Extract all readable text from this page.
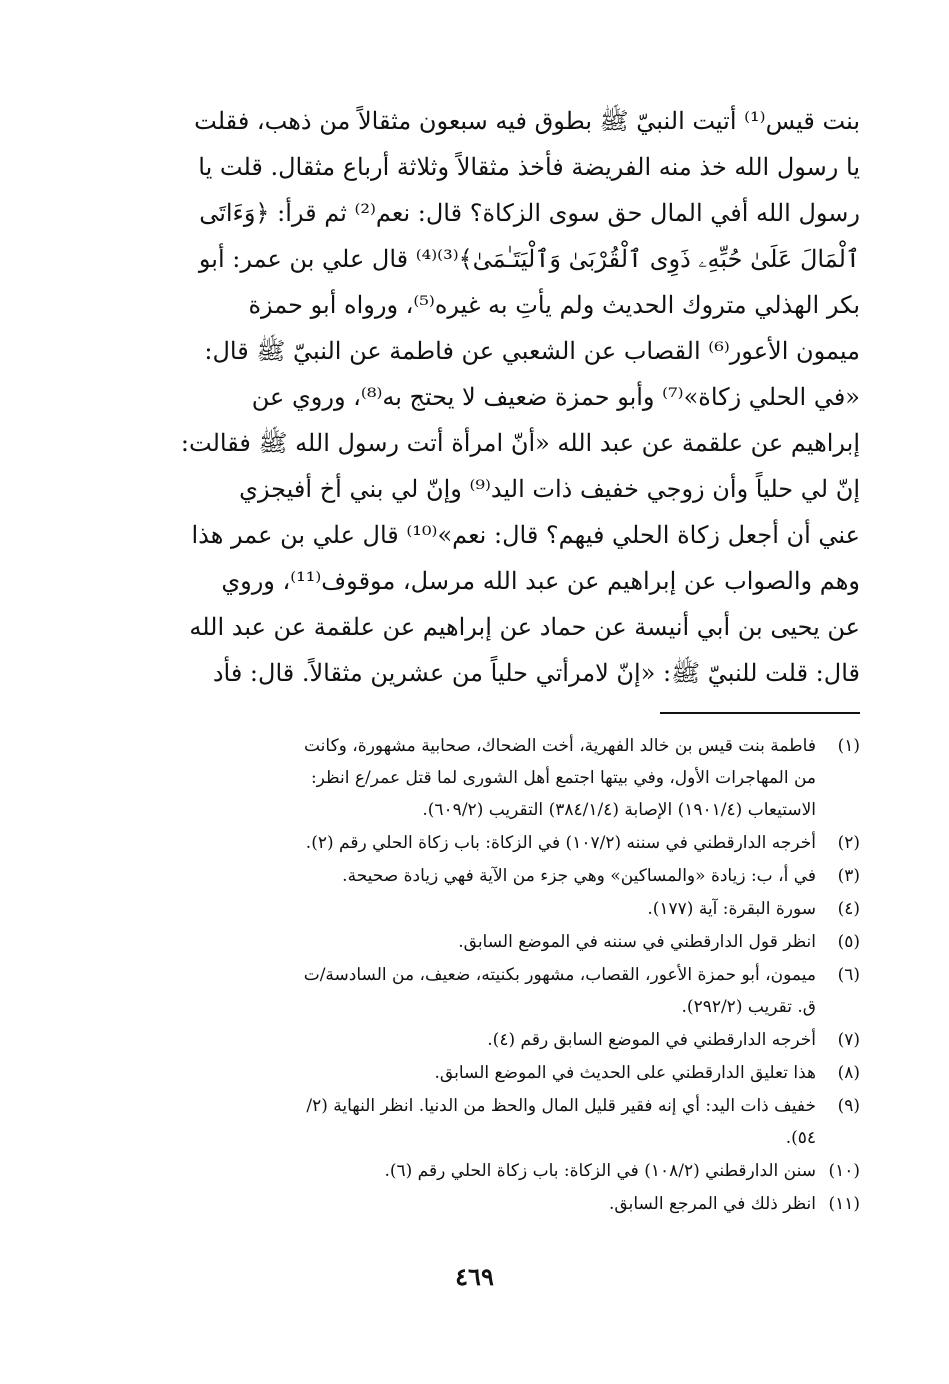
بنت قيس⁽¹⁾ أتيت النبيّ ﷺ بطوق فيه سبعون مثقالاً من ذهب، فقلت
يا رسول الله خذ منه الفريضة فأخذ مثقالاً وثلاثة أرباع مثقال. قلت يا
رسول الله أفي المال حق سوى الزكاة؟ قال: نعم⁽²⁾ ثم قرأ: ﴿وَءَاتَى
ٱلْمَالَ عَلَىٰ حُبِّهِۦ ذَوِى ٱلْقُرْبَىٰ وَٱلْيَتَـٰمَىٰ﴾⁽³⁾⁽⁴⁾ قال علي بن عمر: أبو
بكر الهذلي متروك الحديث ولم يأتِ به غيره⁽⁵⁾، ورواه أبو حمزة
ميمون الأعور⁽⁶⁾ القصاب عن الشعبي عن فاطمة عن النبيّ ﷺ قال:
«في الحلي زكاة»⁽⁷⁾ وأبو حمزة ضعيف لا يحتج به⁽⁸⁾، وروي عن
إبراهيم عن علقمة عن عبد الله «أنّ امرأة أتت رسول الله ﷺ فقالت:
إنّ لي حلياً وأن زوجي خفيف ذات اليد⁽⁹⁾ وإنّ لي بني أخ أفيجزي
عني أن أجعل زكاة الحلي فيهم؟ قال: نعم»⁽¹⁰⁾ قال علي بن عمر هذا
وهم والصواب عن إبراهيم عن عبد الله مرسل، موقوف⁽¹¹⁾، وروي
عن يحيى بن أبي أنيسة عن حماد عن إبراهيم عن علقمة عن عبد الله
قال: قلت للنبيّ ﷺ: «إنّ لامرأتي حلياً من عشرين مثقالاً. قال: فأد
(١)
فاطمة بنت قيس بن خالد الفهرية، أخت الضحاك، صحابية مشهورة، وكانت
من المهاجرات الأول، وفي بيتها اجتمع أهل الشورى لما قتل عمر/ع انظر:
الاستيعاب (١٩٠١/٤) الإصابة (٣٨٤/١/٤) التقريب (٦٠٩/٢).
(٢)
أخرجه الدارقطني في سننه (١٠٧/٢) في الزكاة: باب زكاة الحلي رقم (٢).
(٣)
في أ، ب: زيادة «والمساكين» وهي جزء من الآية فهي زيادة صحيحة.
(٤)
سورة البقرة: آية (١٧٧).
(٥)
انظر قول الدارقطني في سننه في الموضع السابق.
(٦)
ميمون، أبو حمزة الأعور، القصاب، مشهور بكنيته، ضعيف، من السادسة/ت
ق. تقريب (٢٩٢/٢).
(٧)
أخرجه الدارقطني في الموضع السابق رقم (٤).
(٨)
هذا تعليق الدارقطني على الحديث في الموضع السابق.
(٩)
خفيف ذات اليد: أي إنه فقير قليل المال والحظ من الدنيا. انظر النهاية (٢/
٥٤).
(١٠)
سنن الدارقطني (١٠٨/٢) في الزكاة: باب زكاة الحلي رقم (٦).
(١١)
انظر ذلك في المرجع السابق.
٤٦٩
